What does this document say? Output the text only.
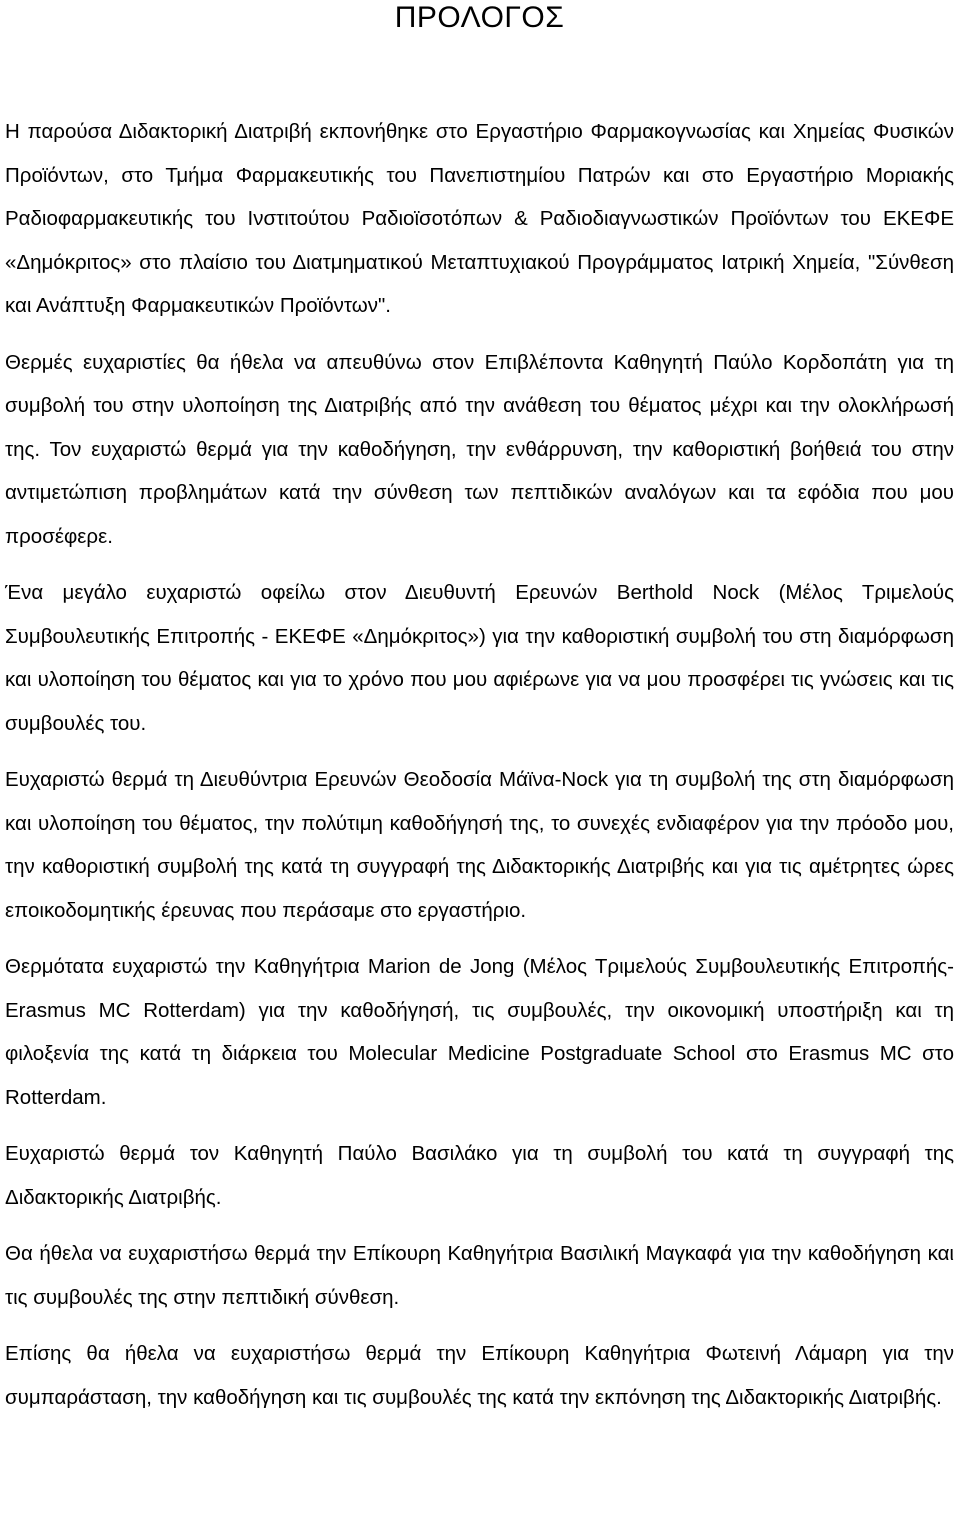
ΠΡΟΛΟΓΟΣ

Η παρούσα Διδακτορική Διατριβή εκπονήθηκε στο Εργαστήριο Φαρμακογνωσίας και Χημείας Φυσικών Προϊόντων, στο Τμήμα Φαρμακευτικής του Πανεπιστημίου Πατρών και στο Εργαστήριο Μοριακής Ραδιοφαρμακευτικής του Ινστιτούτου Ραδιοϊσοτόπων & Ραδιοδιαγνωστικών Προϊόντων του ΕΚΕΦΕ «Δημόκριτος» στο πλαίσιο του Διατμηματικού Μεταπτυχιακού Προγράμματος Ιατρική Χημεία, "Σύνθεση και Ανάπτυξη Φαρμακευτικών Προϊόντων".

Θερμές ευχαριστίες θα ήθελα να απευθύνω στον Επιβλέποντα Καθηγητή Παύλο Κορδοπάτη για τη συμβολή του στην υλοποίηση της Διατριβής από την ανάθεση του θέματος μέχρι και την ολοκλήρωσή της. Τον ευχαριστώ θερμά για την καθοδήγηση, την ενθάρρυνση, την καθοριστική βοήθειά του στην αντιμετώπιση προβλημάτων κατά την σύνθεση των πεπτιδικών αναλόγων και τα εφόδια που μου προσέφερε.

Ένα μεγάλο ευχαριστώ οφείλω στον Διευθυντή Ερευνών Berthold Nock (Μέλος Τριμελούς Συμβουλευτικής Επιτροπής - ΕΚΕΦΕ «Δημόκριτος») για την καθοριστική συμβολή του στη διαμόρφωση και υλοποίηση του θέματος και για το χρόνο που μου αφιέρωνε για να μου προσφέρει τις γνώσεις και τις συμβουλές του.

Ευχαριστώ θερμά τη Διευθύντρια Ερευνών Θεοδοσία Μάϊνα-Nock για τη συμβολή της στη διαμόρφωση και υλοποίηση του θέματος, την πολύτιμη καθοδήγησή της, το συνεχές ενδιαφέρον για την πρόοδο μου, την καθοριστική συμβολή της κατά τη συγγραφή της Διδακτορικής Διατριβής και για τις αμέτρητες ώρες εποικοδομητικής έρευνας που περάσαμε στο εργαστήριο.

Θερμότατα ευχαριστώ την Καθηγήτρια Marion de Jong (Μέλος Τριμελούς Συμβουλευτικής Επιτροπής- Erasmus MC Rotterdam) για την καθοδήγησή, τις συμβουλές, την οικονομική υποστήριξη και τη φιλοξενία της κατά τη διάρκεια του Molecular Medicine Postgraduate School στο Erasmus MC στο Rotterdam.

Ευχαριστώ θερμά τον Καθηγητή Παύλο Βασιλάκο για τη συμβολή του κατά τη συγγραφή της Διδακτορικής Διατριβής.

Θα ήθελα να ευχαριστήσω θερμά την Επίκουρη Καθηγήτρια Βασιλική Μαγκαφά για την καθοδήγηση και τις συμβουλές της στην πεπτιδική σύνθεση.

Επίσης θα ήθελα να ευχαριστήσω θερμά την Επίκουρη Καθηγήτρια Φωτεινή Λάμαρη για την συμπαράσταση, την καθοδήγηση και τις συμβουλές της κατά την εκπόνηση της Διδακτορικής Διατριβής.
